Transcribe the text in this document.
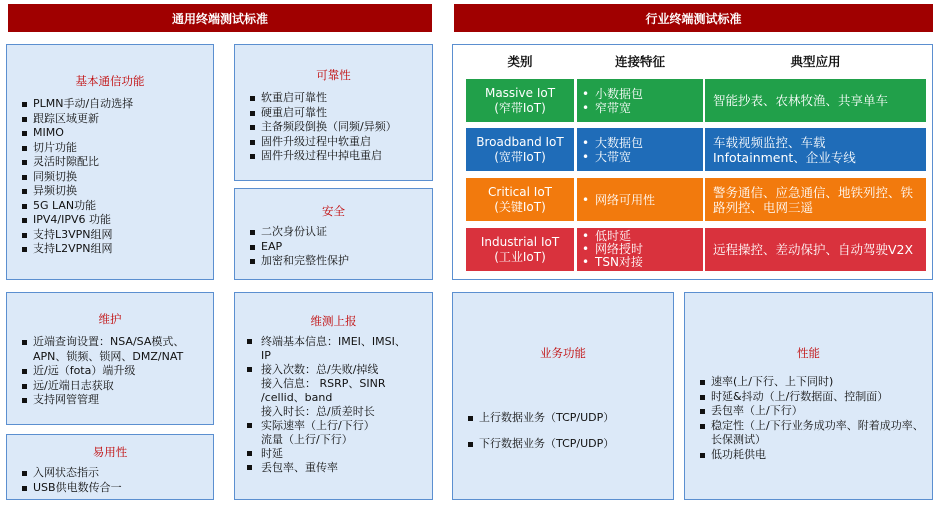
通用终端测试标准	行业终端测试标准
基本通信功能
PLMN手动/自动选择
跟踪区域更新
MIMO
切片功能
灵活时隙配比
同频切换
异频切换
5G LAN功能
IPV4/IPV6 功能
支持L3VPN组网
支持L2VPN组网
可靠性
软重启可靠性
硬重启可靠性
主备频段倒换（同频/异频）
固件升级过程中软重启
固件升级过程中掉电重启
安全
二次身份认证
EAP
加密和完整性保护
类别	连接特征	典型应用
Massive IoT
(窄带IoT)
• 小数据包
• 窄带宽	智能抄表、农林牧渔、共享单车
Broadband IoT
(宽带IoT)
• 大数据包
• 大带宽
车载视频监控、车载Infotainment、企业专线
Critical IoT
(关键IoT)
•	网络可用性	警务通信、应急通信、地铁列控、铁路列控、电网三遥
Industrial IoT
(工业IoT)
• 低时延
• 网络授时
• TSN对接
远程操控、差动保护、自动驾驶V2X
维护
近端查询设置：NSA/SA模式、APN、锁频、锁网、DMZ/NAT
近/远（fota）端升级
远/近端日志获取
支持网管管理
易用性
入网状态指示
USB供电数传合一
维测上报
终端基本信息：IMEI、IMSI、
IP
接入次数：总/失败/掉线
接入信息： RSRP、SINR
/cellid、band
接入时长：总/质差时长
实际速率（上行/下行）
流量（上行/下行）
时延
丢包率、重传率
业务功能
上行数据业务（TCP/UDP）
下行数据业务（TCP/UDP）
性能
速率(上/下行、上下同时)
时延&抖动（上/行数据面、控制面）
丢包率（上/下行）
稳定性（上/下行业务成功率、附着成功率、长保测试）
低功耗供电
